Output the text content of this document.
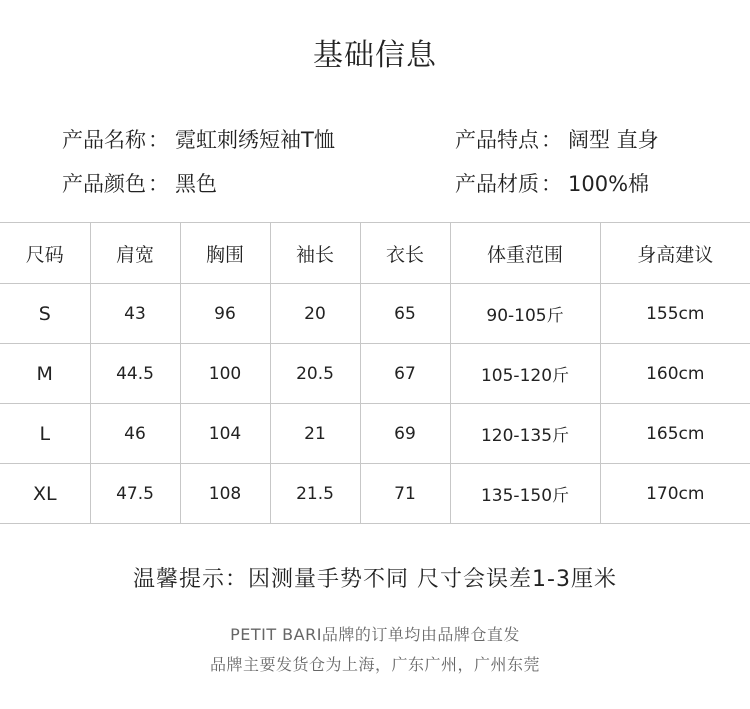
基础信息
产品名称： 霓虹刺绣短袖T恤	产品特点： 阔型 直身
产品颜色： 黑色	产品材质： 100%棉
尺码	肩宽	胸围	袖长	衣长	体重范围	身高建议
S	43	96	20	65	90-105斤	155cm
M	44.5	100	20.5	67	105-120斤	160cm
L	46	104	21	69	120-135斤	165cm
XL	47.5	108	21.5	71	135-150斤	170cm
温馨提示：因测量手势不同 尺寸会误差1-3厘米
PETIT BARI品牌的订单均由品牌仓直发
品牌主要发货仓为上海，广东广州，广州东莞
